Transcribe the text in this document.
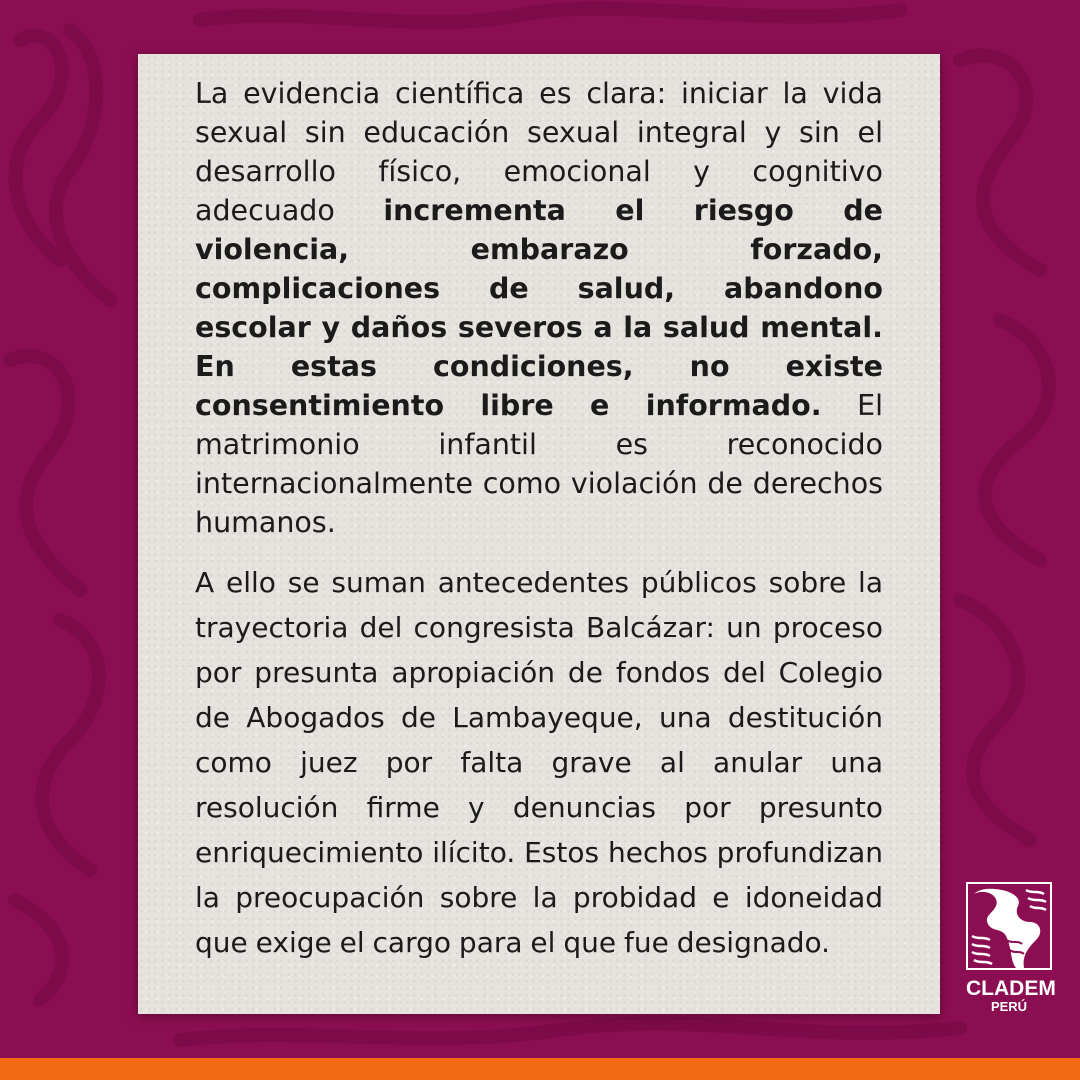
La evidencia científica es clara: iniciar la vida sexual sin educación sexual integral y sin el desarrollo físico, emocional y cognitivo adecuado incrementa el riesgo de violencia, embarazo forzado, complicaciones de salud, abandono escolar y daños severos a la salud mental. En estas condiciones, no existe consentimiento libre e informado. El matrimonio infantil es reconocido internacionalmente como violación de derechos humanos.
A ello se suman antecedentes públicos sobre la trayectoria del congresista Balcázar: un proceso por presunta apropiación de fondos del Colegio de Abogados de Lambayeque, una destitución como juez por falta grave al anular una resolución firme y denuncias por presunto enriquecimiento ilícito. Estos hechos profundizan la preocupación sobre la probidad e idoneidad que exige el cargo para el que fue designado.
CLADEM
PERÚ
